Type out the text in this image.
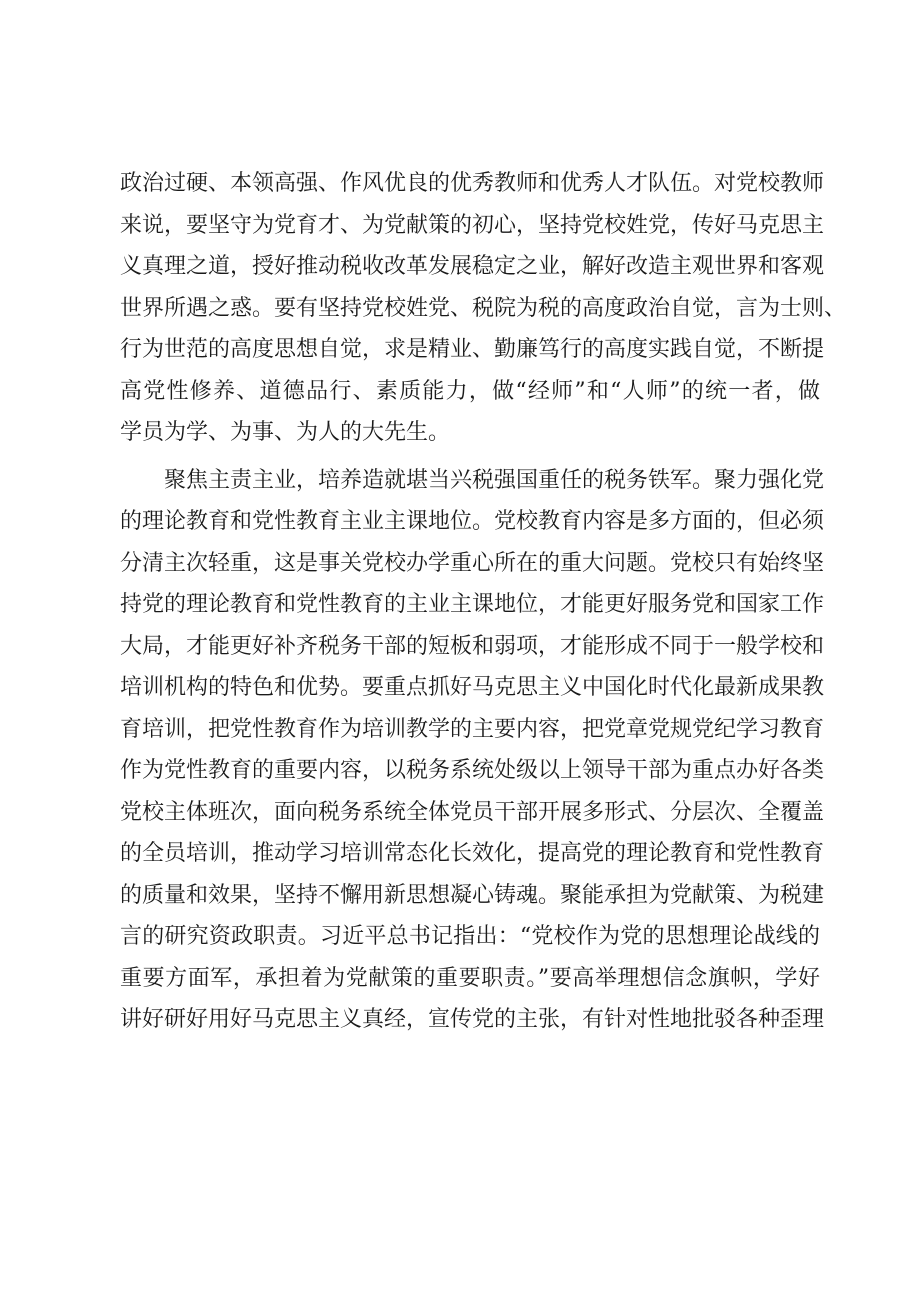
政治过硬、本领高强、作风优良的优秀教师和优秀人才队伍。对党校教师
来说，要坚守为党育才、为党献策的初心，坚持党校姓党，传好马克思主
义真理之道，授好推动税收改革发展稳定之业，解好改造主观世界和客观
世界所遇之惑。要有坚持党校姓党、税院为税的高度政治自觉，言为士则、
行为世范的高度思想自觉，求是精业、勤廉笃行的高度实践自觉，不断提
高党性修养、道德品行、素质能力，做“经师”和“人师”的统一者，做
学员为学、为事、为人的大先生。
聚焦主责主业，培养造就堪当兴税强国重任的税务铁军。聚力强化党
的理论教育和党性教育主业主课地位。党校教育内容是多方面的，但必须
分清主次轻重，这是事关党校办学重心所在的重大问题。党校只有始终坚
持党的理论教育和党性教育的主业主课地位，才能更好服务党和国家工作
大局，才能更好补齐税务干部的短板和弱项，才能形成不同于一般学校和
培训机构的特色和优势。要重点抓好马克思主义中国化时代化最新成果教
育培训，把党性教育作为培训教学的主要内容，把党章党规党纪学习教育
作为党性教育的重要内容，以税务系统处级以上领导干部为重点办好各类
党校主体班次，面向税务系统全体党员干部开展多形式、分层次、全覆盖
的全员培训，推动学习培训常态化长效化，提高党的理论教育和党性教育
的质量和效果，坚持不懈用新思想凝心铸魂。聚能承担为党献策、为税建
言的研究资政职责。习近平总书记指出：“党校作为党的思想理论战线的
重要方面军，承担着为党献策的重要职责。”要高举理想信念旗帜，学好
讲好研好用好马克思主义真经，宣传党的主张，有针对性地批驳各种歪理
